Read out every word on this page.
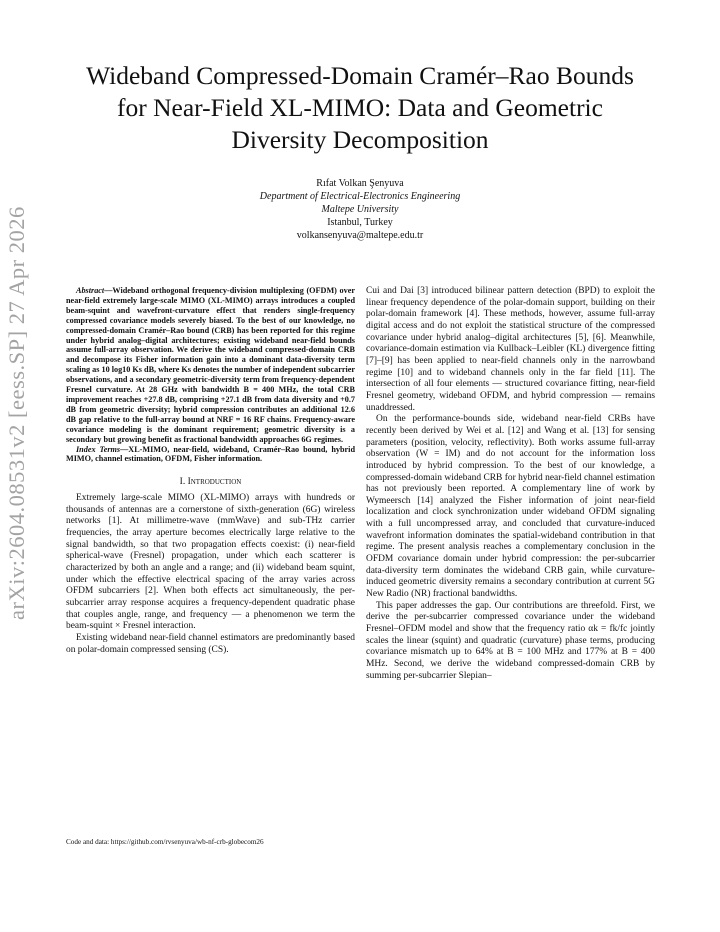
arXiv:2604.08531v2 [eess.SP] 27 Apr 2026
Wideband Compressed-Domain Cramér–Rao Bounds for Near-Field XL-MIMO: Data and Geometric Diversity Decomposition
Rıfat Volkan Şenyuva
Department of Electrical-Electronics Engineering
Maltepe University
Istanbul, Turkey
volkansenyuva@maltepe.edu.tr

Abstract—Wideband orthogonal frequency-division multiplexing (OFDM) over near-field extremely large-scale MIMO (XL-MIMO) arrays introduces a coupled beam-squint and wavefront-curvature effect that renders single-frequency compressed covariance models severely biased. To the best of our knowledge, no compressed-domain Cramér–Rao bound (CRB) has been reported for this regime under hybrid analog–digital architectures; existing wideband near-field bounds assume full-array observation. We derive the wideband compressed-domain CRB and decompose its Fisher information gain into a dominant data-diversity term scaling as 10 log10 Ks dB, where Ks denotes the number of independent subcarrier observations, and a secondary geometric-diversity term from frequency-dependent Fresnel curvature. At 28 GHz with bandwidth B = 400 MHz, the total CRB improvement reaches +27.8 dB, comprising +27.1 dB from data diversity and +0.7 dB from geometric diversity; hybrid compression contributes an additional 12.6 dB gap relative to the full-array bound at NRF = 16 RF chains. Frequency-aware covariance modeling is the dominant requirement; geometric diversity is a secondary but growing benefit as fractional bandwidth approaches 6G regimes.

Index Terms—XL-MIMO, near-field, wideband, Cramér–Rao bound, hybrid MIMO, channel estimation, OFDM, Fisher information.

I. Introduction

Extremely large-scale MIMO (XL-MIMO) arrays with hundreds or thousands of antennas are a cornerstone of sixth-generation (6G) wireless networks [1]. At millimetre-wave (mmWave) and sub-THz carrier frequencies, the array aperture becomes electrically large relative to the signal bandwidth, so that two propagation effects coexist: (i) near-field spherical-wave (Fresnel) propagation, under which each scatterer is characterized by both an angle and a range; and (ii) wideband beam squint, under which the effective electrical spacing of the array varies across OFDM subcarriers [2]. When both effects act simultaneously, the per-subcarrier array response acquires a frequency-dependent quadratic phase that couples angle, range, and frequency — a phenomenon we term the beam-squint × Fresnel interaction.

Existing wideband near-field channel estimators are predominantly based on polar-domain compressed sensing (CS).

Code and data: https://github.com/rvsenyuva/wb-nf-crb-globecom26

Cui and Dai [3] introduced bilinear pattern detection (BPD) to exploit the linear frequency dependence of the polar-domain support, building on their polar-domain framework [4]. These methods, however, assume full-array digital access and do not exploit the statistical structure of the compressed covariance under hybrid analog–digital architectures [5], [6]. Meanwhile, covariance-domain estimation via Kullback–Leibler (KL) divergence fitting [7]–[9] has been applied to near-field channels only in the narrowband regime [10] and to wideband channels only in the far field [11]. The intersection of all four elements — structured covariance fitting, near-field Fresnel geometry, wideband OFDM, and hybrid compression — remains unaddressed.

On the performance-bounds side, wideband near-field CRBs have recently been derived by Wei et al. [12] and Wang et al. [13] for sensing parameters (position, velocity, reflectivity). Both works assume full-array observation (W = IM) and do not account for the information loss introduced by hybrid compression. To the best of our knowledge, a compressed-domain wideband CRB for hybrid near-field channel estimation has not previously been reported. A complementary line of work by Wymeersch [14] analyzed the Fisher information of joint near-field localization and clock synchronization under wideband OFDM signaling with a full uncompressed array, and concluded that curvature-induced wavefront information dominates the spatial-wideband contribution in that regime. The present analysis reaches a complementary conclusion in the OFDM covariance domain under hybrid compression: the per-subcarrier data-diversity term dominates the wideband CRB gain, while curvature-induced geometric diversity remains a secondary contribution at current 5G New Radio (NR) fractional bandwidths.

This paper addresses the gap. Our contributions are threefold. First, we derive the per-subcarrier compressed covariance under the wideband Fresnel–OFDM model and show that the frequency ratio αk = fk/fc jointly scales the linear (squint) and quadratic (curvature) phase terms, producing covariance mismatch up to 64% at B = 100 MHz and 177% at B = 400 MHz. Second, we derive the wideband compressed-domain CRB by summing per-subcarrier Slepian–
